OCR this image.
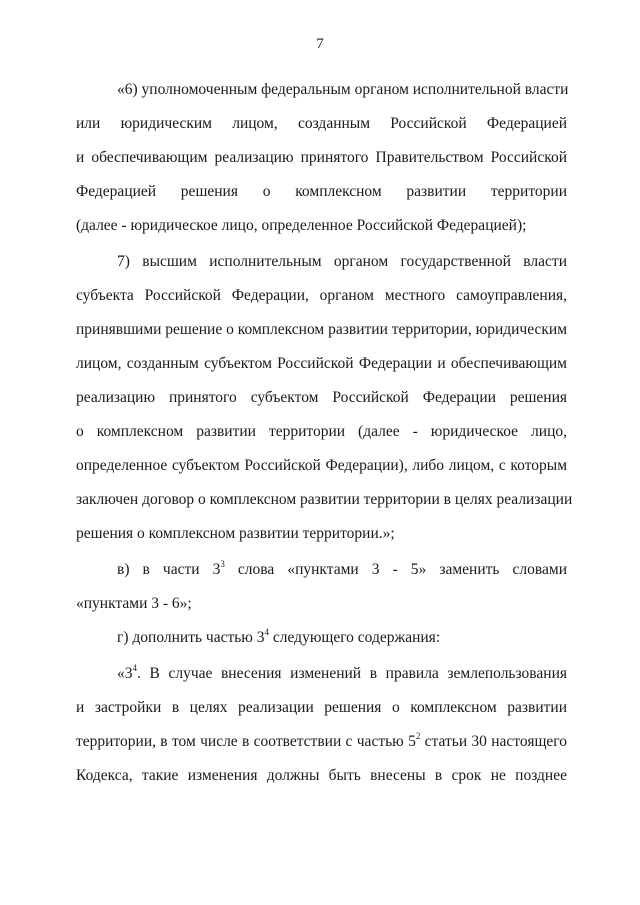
7
«6) уполномоченным федеральным органом исполнительной власти
или юридическим лицом, созданным Российской Федерацией
и обеспечивающим реализацию принятого Правительством Российской
Федерацией решения о комплексном развитии территории
(далее - юридическое лицо, определенное Российской Федерацией);
7) высшим исполнительным органом государственной власти
субъекта Российской Федерации, органом местного самоуправления,
принявшими решение о комплексном развитии территории, юридическим
лицом, созданным субъектом Российской Федерации и обеспечивающим
реализацию принятого субъектом Российской Федерации решения
о комплексном развитии территории (далее - юридическое лицо,
определенное субъектом Российской Федерации), либо лицом, с которым
заключен договор о комплексном развитии территории в целях реализации
решения о комплексном развитии территории.»;
в) в части $3^3$ слова «пунктами 3 - 5» заменить словами
«пунктами 3 - 6»;
г) дополнить частью $3^4$ следующего содержания:
«$3^4$. В случае внесения изменений в правила землепользования
и застройки в целях реализации решения о комплексном развитии
территории, в том числе в соответствии с частью $5^2$ статьи 30 настоящего
Кодекса, такие изменения должны быть внесены в срок не позднее
